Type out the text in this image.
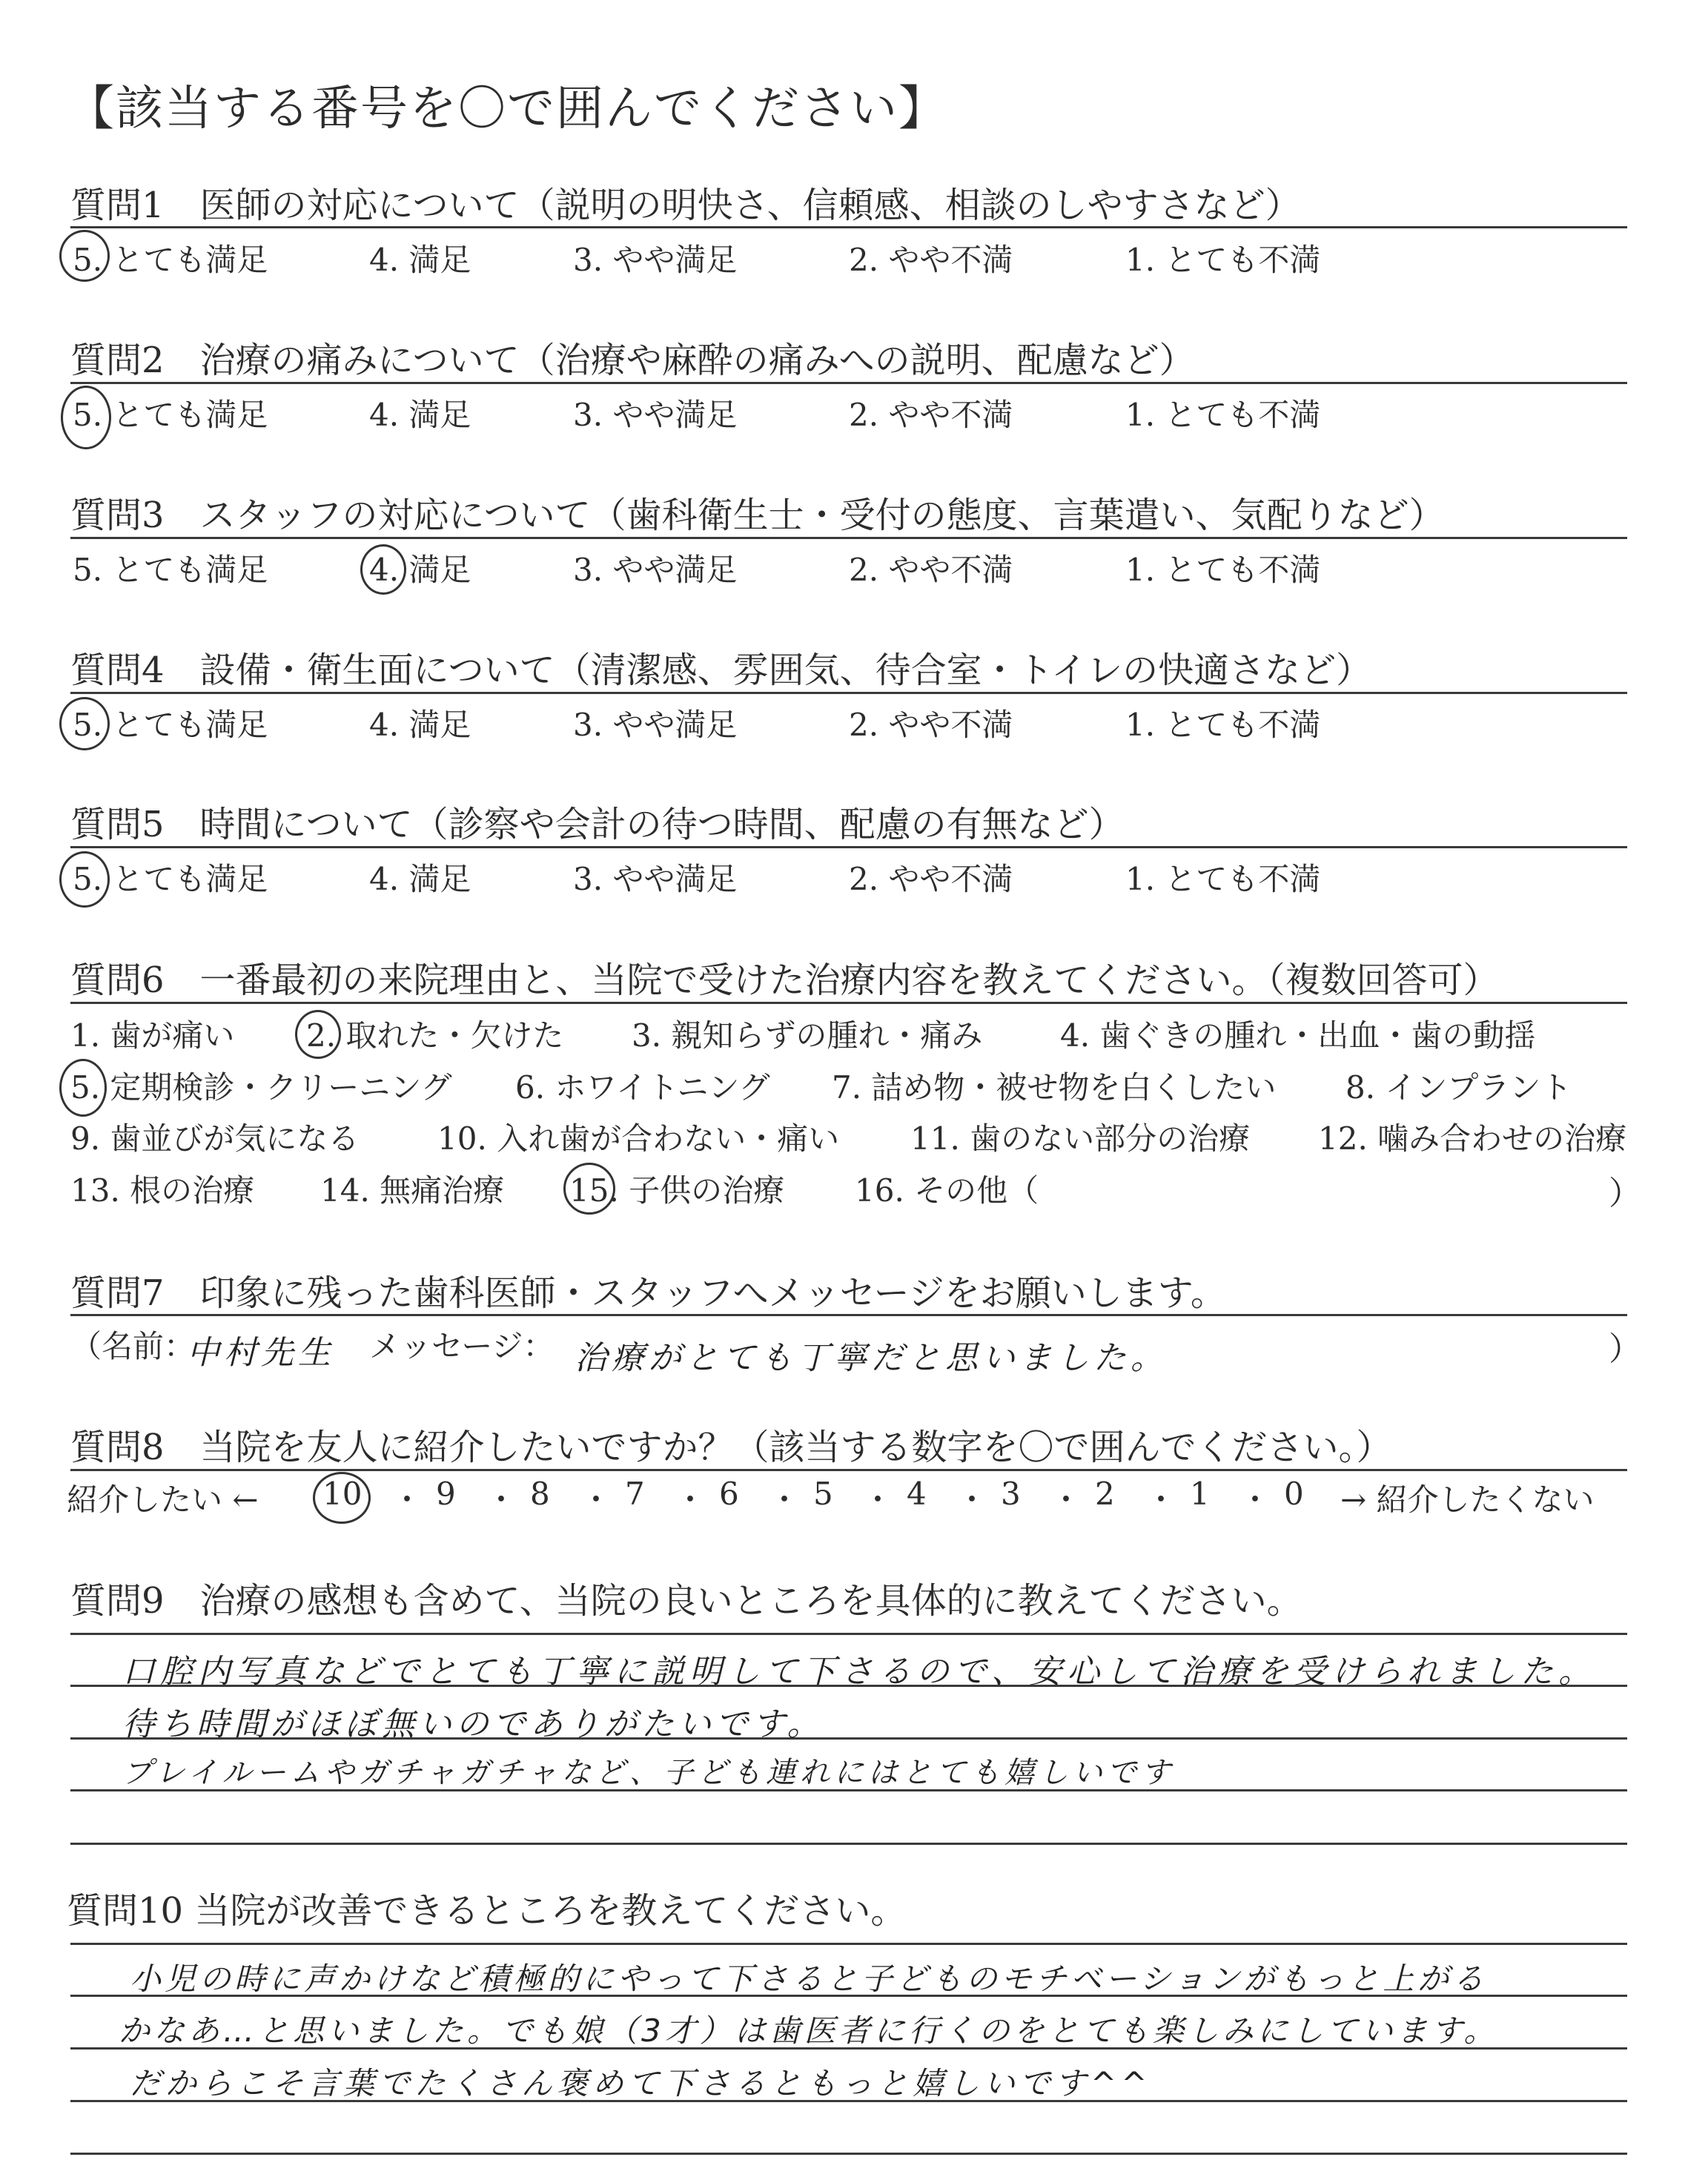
【該当する番号を〇で囲んでください】
質問1　医師の対応について（説明の明快さ、信頼感、相談のしやすさなど）
5. とても満足	4. 満足	3. やや満足	2. やや不満	1. とても不満
質問2　治療の痛みについて（治療や麻酔の痛みへの説明、配慮など）
5. とても満足	4. 満足	3. やや満足	2. やや不満	1. とても不満
質問3　スタッフの対応について（歯科衛生士・受付の態度、言葉遣い、気配りなど）
5. とても満足	4. 満足	3. やや満足	2. やや不満	1. とても不満
質問4　設備・衛生面について（清潔感、雰囲気、待合室・トイレの快適さなど）
5. とても満足	4. 満足	3. やや満足	2. やや不満	1. とても不満
質問5　時間について（診察や会計の待つ時間、配慮の有無など）
5. とても満足	4. 満足	3. やや満足	2. やや不満	1. とても不満
質問6　一番最初の来院理由と、当院で受けた治療内容を教えてください。（複数回答可）
1. 歯が痛い 2. 取れた・欠けた 3. 親知らずの腫れ・痛み 4. 歯ぐきの腫れ・出血・歯の動揺
5. 定期検診・クリーニング 6. ホワイトニング 7. 詰め物・被せ物を白くしたい 8. インプラント
9. 歯並びが気になる	10. 入れ歯が合わない・痛い 11. 歯のない部分の治療 12. 噛み合わせの治療
13. 根の治療 14. 無痛治療 15. 子供の治療 16. その他（	）
質問7　印象に残った歯科医師・スタッフへメッセージをお願いします。
（名前：
中村先生 メッセージ： 治療がとても丁寧だと思いました。	）
質問8　当院を友人に紹介したいですか？（該当する数字を〇で囲んでください。）
紹介したい ← 10 ・ 9 ・ 8 ・ 7 ・ 6 ・ 5 ・ 4 ・ 3 ・ 2 ・ 1 ・ 0 → 紹介したくない
質問9　治療の感想も含めて、当院の良いところを具体的に教えてください。
口腔内写真などでとても丁寧に説明して下さるので、安心して治療を受けられました。
待ち時間がほぼ無いのでありがたいです。
プレイルームやガチャガチャなど、子ども連れにはとても嬉しいです
質問10 当院が改善できるところを教えてください。
小児の時に声かけなど積極的にやって下さると子どものモチベーションがもっと上がる
かなあ…と思いました。でも娘（3才）は歯医者に行くのをとても楽しみにしています。
だからこそ言葉でたくさん褒めて下さるともっと嬉しいです^^
